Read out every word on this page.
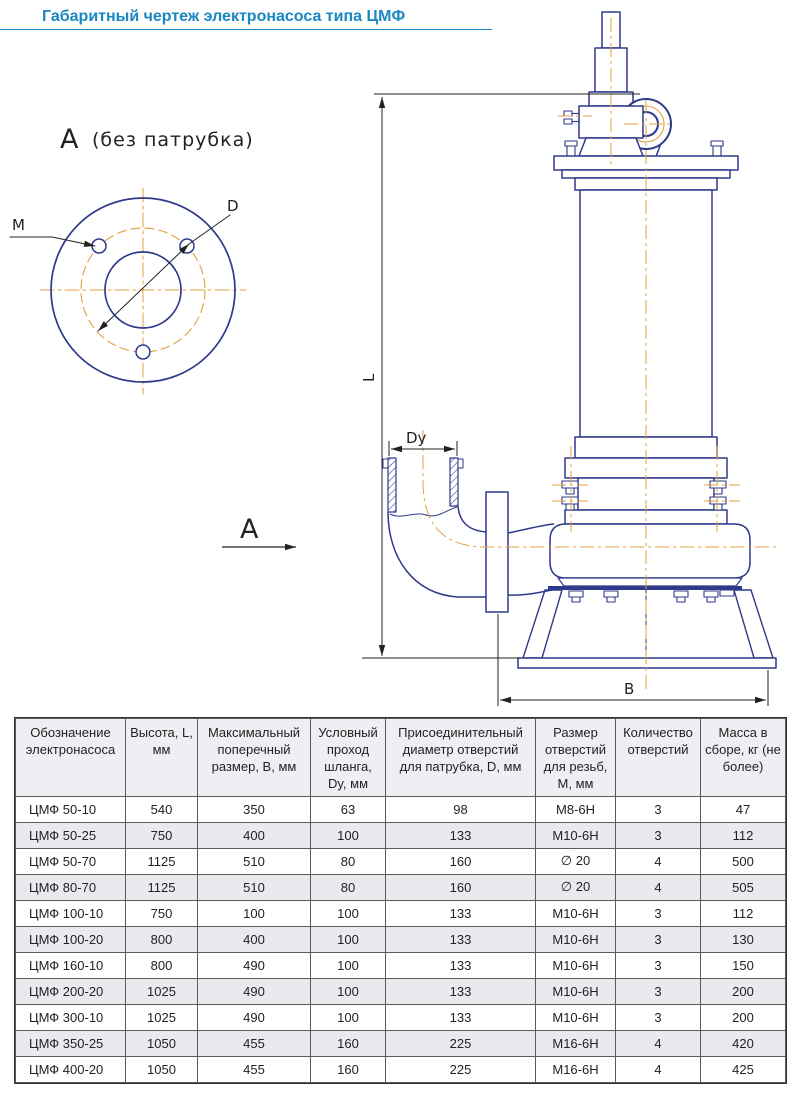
Габаритный чертеж электронасоса типа ЦМФ
А (без патрубка)
D
М
А
L
Dy
В
Обозначение электронасоса	Высота, L, мм	Максимальный поперечный размер, В, мм	Условный проход шланга, Dy, мм	Присоединительный диаметр отверстий для патрубка, D, мм	Размер отверстий для резьб, М, мм	Количество отверстий	Масса в сборе, кг (не более)
ЦМФ 50-10	540	350	63	98	М8-6Н	3	47
ЦМФ 50-25	750	400	100	133	М10-6Н	3	112
ЦМФ 50-70	1125	510	80	160	∅ 20	4	500
ЦМФ 80-70	1125	510	80	160	∅ 20	4	505
ЦМФ 100-10	750	100	100	133	М10-6Н	3	112
ЦМФ 100-20	800	400	100	133	М10-6Н	3	130
ЦМФ 160-10	800	490	100	133	М10-6Н	3	150
ЦМФ 200-20	1025	490	100	133	М10-6Н	3	200
ЦМФ 300-10	1025	490	100	133	М10-6Н	3	200
ЦМФ 350-25	1050	455	160	225	М16-6Н	4	420
ЦМФ 400-20	1050	455	160	225	М16-6Н	4	425
